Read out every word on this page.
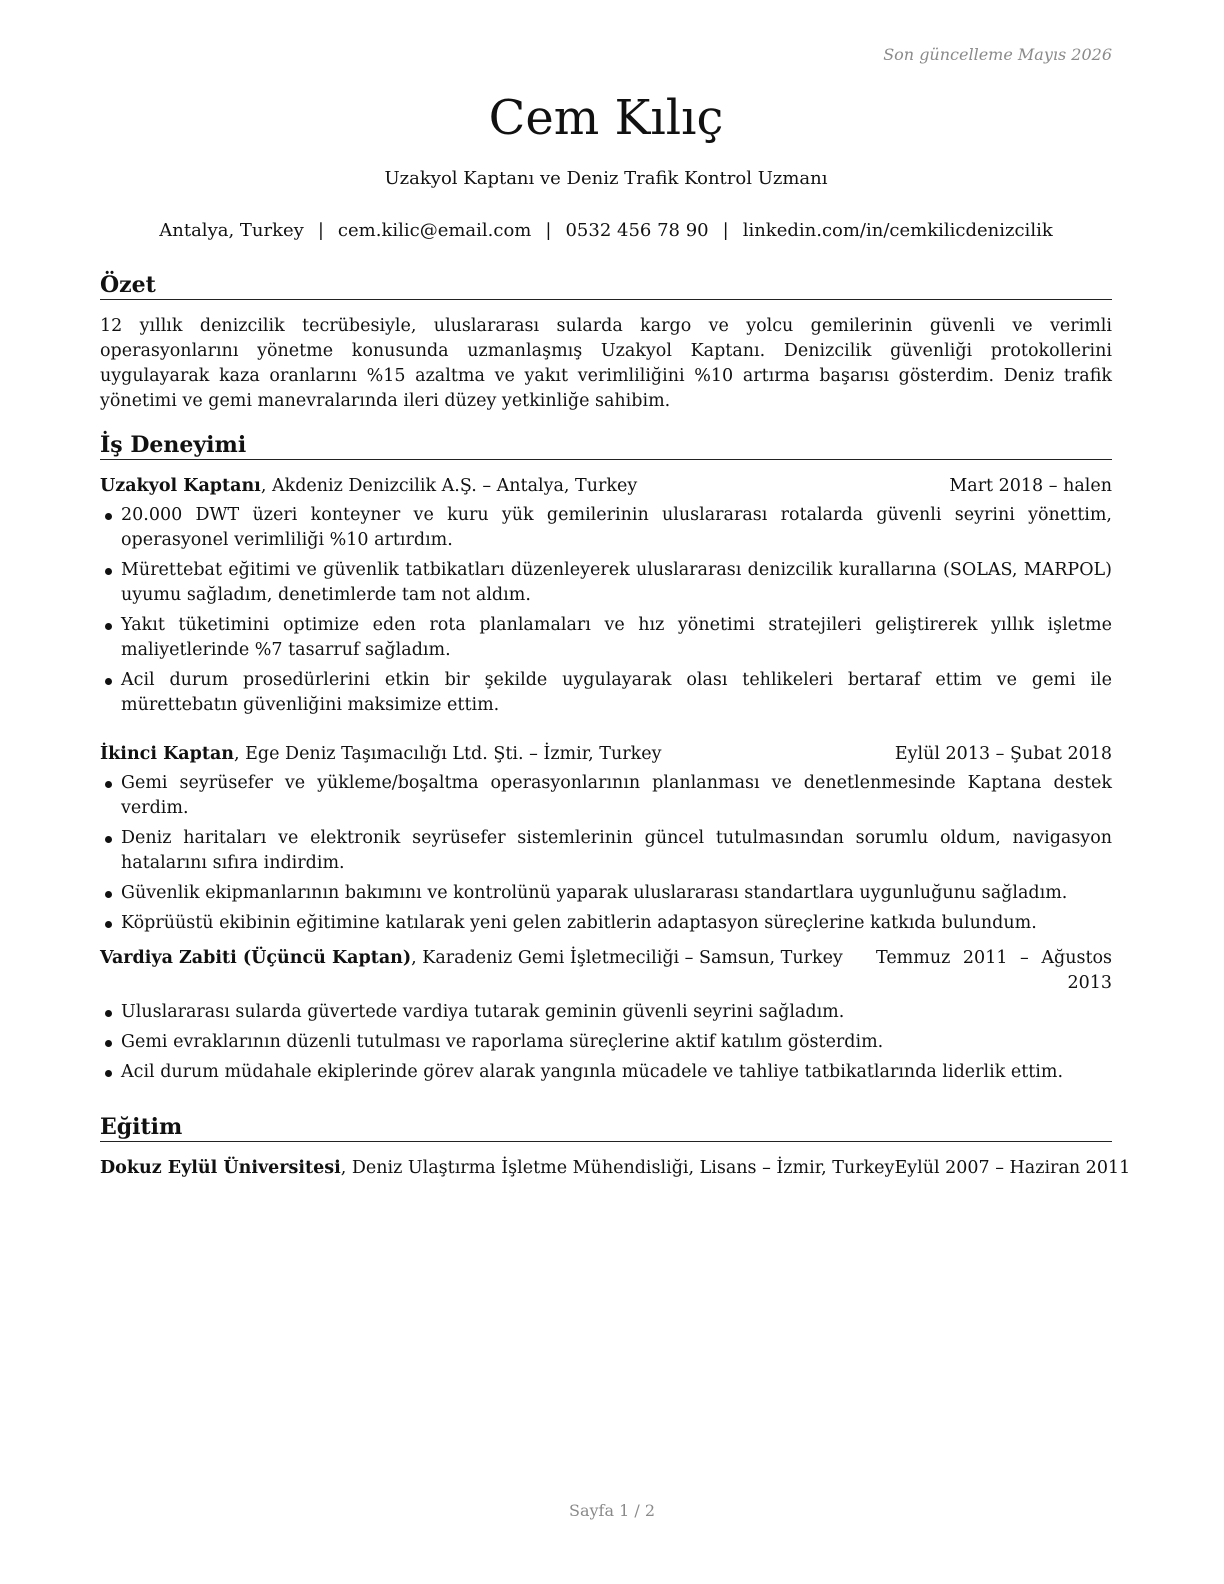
Son güncelleme Mayıs 2026
Cem Kılıç
Uzakyol Kaptanı ve Deniz Trafik Kontrol Uzmanı
Antalya, Turkey | cem.kilic@email.com | 0532 456 78 90 | linkedin.com/in/cemkilicdenizcilik
Özet

12 yıllık denizcilik tecrübesiyle, uluslararası sularda kargo ve yolcu gemilerinin güvenli ve verimli operasyonlarını yönetme konusunda uzmanlaşmış Uzakyol Kaptanı. Denizcilik güvenliği protokollerini uygulayarak kaza oranlarını %15 azaltma ve yakıt verimliliğini %10 artırma başarısı gösterdim. Deniz trafik yönetimi ve gemi manevralarında ileri düzey yetkinliğe sahibim.

İş Deneyimi
Uzakyol Kaptanı, Akdeniz Denizcilik A.Ş. – Antalya, Turkey	Mart 2018 – halen
20.000 DWT üzeri konteyner ve kuru yük gemilerinin uluslararası rotalarda güvenli seyrini yönettim, operasyonel verimliliği %10 artırdım.
Mürettebat eğitimi ve güvenlik tatbikatları düzenleyerek uluslararası denizcilik kurallarına (SOLAS, MARPOL) uyumu sağladım, denetimlerde tam not aldım.
Yakıt tüketimini optimize eden rota planlamaları ve hız yönetimi stratejileri geliştirerek yıllık işletme maliyetlerinde %7 tasarruf sağladım.
Acil durum prosedürlerini etkin bir şekilde uygulayarak olası tehlikeleri bertaraf ettim ve gemi ile mürettebatın güvenliğini maksimize ettim.
İkinci Kaptan, Ege Deniz Taşımacılığı Ltd. Şti. – İzmir, Turkey	Eylül 2013 – Şubat 2018
Gemi seyrüsefer ve yükleme/boşaltma operasyonlarının planlanması ve denetlenmesinde Kaptana destek verdim.
Deniz haritaları ve elektronik seyrüsefer sistemlerinin güncel tutulmasından sorumlu oldum, navigasyon hatalarını sıfıra indirdim.
Güvenlik ekipmanlarının bakımını ve kontrolünü yaparak uluslararası standartlara uygunluğunu sağladım.
Köprüüstü ekibinin eğitimine katılarak yeni gelen zabitlerin adaptasyon süreçlerine katkıda bulundum.
Vardiya Zabiti (Üçüncü Kaptan), Karadeniz Gemi İşletmeciliği – Samsun, Turkey Temmuz 2011 – Ağustos 2013
Uluslararası sularda güvertede vardiya tutarak geminin güvenli seyrini sağladım.
Gemi evraklarının düzenli tutulması ve raporlama süreçlerine aktif katılım gösterdim.
Acil durum müdahale ekiplerinde görev alarak yangınla mücadele ve tahliye tatbikatlarında liderlik ettim.
Eğitim
Dokuz Eylül Üniversitesi, Deniz Ulaştırma İşletme Mühendisliği, Lisans – İzmir, Turkey Eylül 2007 – Haziran 2011
Sayfa 1 / 2
